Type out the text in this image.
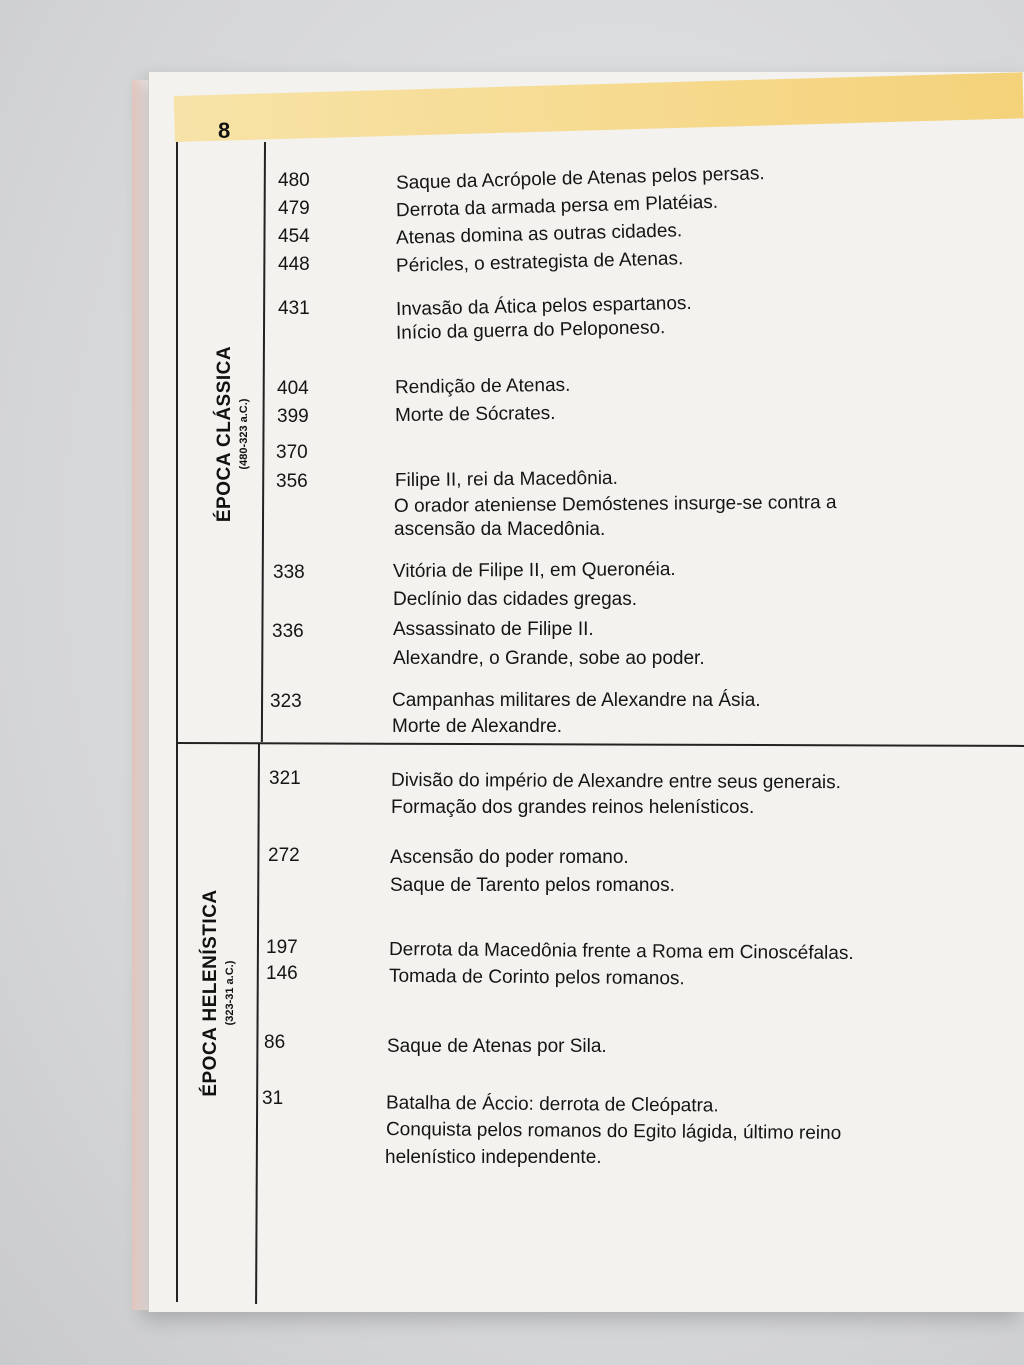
8
ÉPOCA CLÁSSICA (480-323 a.C.)
ÉPOCA HELENÍSTICA (323-31 a.C.)
480	Saque da Acrópole de Atenas pelos persas.
479	Derrota da armada persa em Platéias.
454	Atenas domina as outras cidades.
448	Péricles, o estrategista de Atenas.
431	Invasão da Ática pelos espartanos.
Início da guerra do Peloponeso.
404	Rendição de Atenas.
399	Morte de Sócrates.
370
356	Filipe II, rei da Macedônia.
O orador ateniense Demóstenes insurge-se contra a
ascensão da Macedônia.
338	Vitória de Filipe II, em Queronéia.
Declínio das cidades gregas.
336	Assassinato de Filipe II.
Alexandre, o Grande, sobe ao poder.
323	Campanhas militares de Alexandre na Ásia.
Morte de Alexandre.
321	Divisão do império de Alexandre entre seus generais.
Formação dos grandes reinos helenísticos.
272	Ascensão do poder romano.
Saque de Tarento pelos romanos.
197	Derrota da Macedônia frente a Roma em Cinoscéfalas.
146	Tomada de Corinto pelos romanos.
86	Saque de Atenas por Sila.
31	Batalha de Áccio: derrota de Cleópatra.
Conquista pelos romanos do Egito lágida, último reino
helenístico independente.
